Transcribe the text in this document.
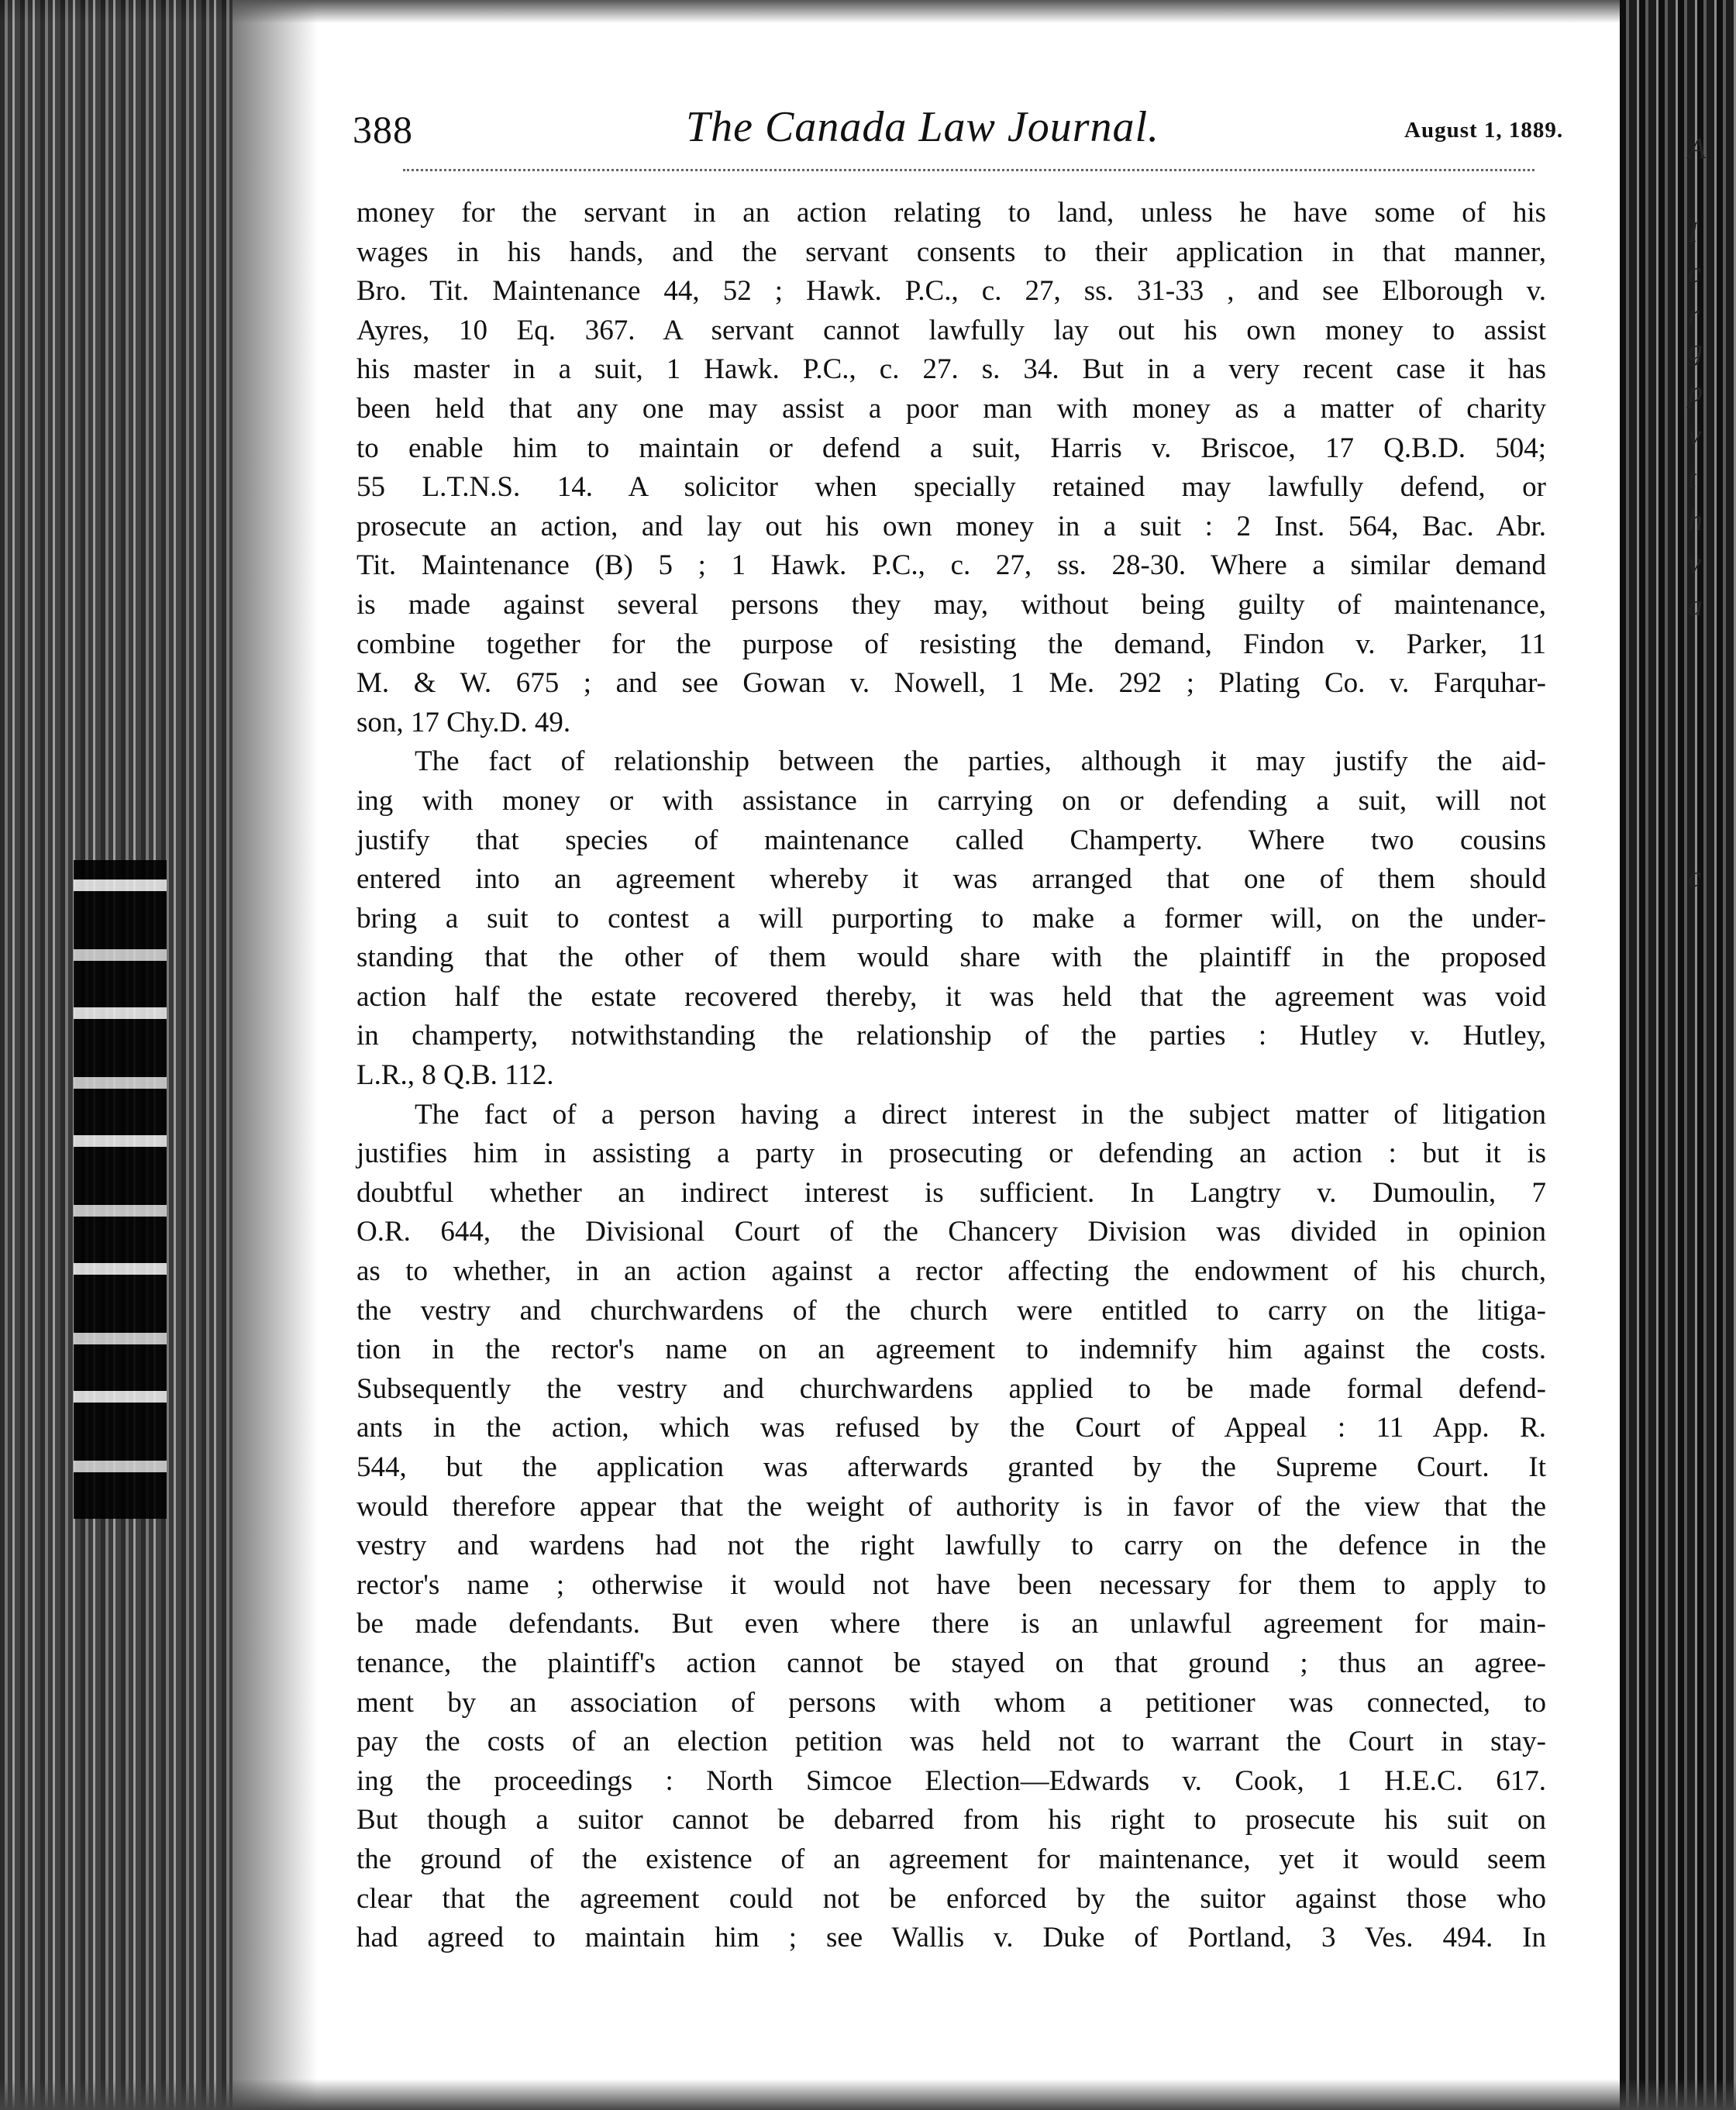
A
I
c
r
g
p
v
t
h
v
a
c
388	The Canada Law Journal.	August 1, 1889.
money for the servant in an action relating to land, unless he have some of his
wages in his hands, and the servant consents to their application in that manner,
Bro. Tit. Maintenance 44, 52 ; Hawk. P.C., c. 27, ss. 31-33 , and see Elborough v.
Ayres, 10 Eq. 367. A servant cannot lawfully lay out his own money to assist
his master in a suit, 1 Hawk. P.C., c. 27. s. 34. But in a very recent case it has
been held that any one may assist a poor man with money as a matter of charity
to enable him to maintain or defend a suit, Harris v. Briscoe, 17 Q.B.D. 504;
55 L.T.N.S. 14. A solicitor when specially retained may lawfully defend, or
prosecute an action, and lay out his own money in a suit : 2 Inst. 564, Bac. Abr.
Tit. Maintenance (B) 5 ; 1 Hawk. P.C., c. 27, ss. 28-30. Where a similar demand
is made against several persons they may, without being guilty of maintenance,
combine together for the purpose of resisting the demand, Findon v. Parker, 11
M. & W. 675 ; and see Gowan v. Nowell, 1 Me. 292 ; Plating Co. v. Farquhar-
son, 17 Chy.D. 49.
The fact of relationship between the parties, although it may justify the aid-
ing with money or with assistance in carrying on or defending a suit, will not
justify that species of maintenance called Champerty. Where two cousins
entered into an agreement whereby it was arranged that one of them should
bring a suit to contest a will purporting to make a former will, on the under-
standing that the other of them would share with the plaintiff in the proposed
action half the estate recovered thereby, it was held that the agreement was void
in champerty, notwithstanding the relationship of the parties : Hutley v. Hutley,
L.R., 8 Q.B. 112.
The fact of a person having a direct interest in the subject matter of litigation
justifies him in assisting a party in prosecuting or defending an action : but it is
doubtful whether an indirect interest is sufficient. In Langtry v. Dumoulin, 7
O.R. 644, the Divisional Court of the Chancery Division was divided in opinion
as to whether, in an action against a rector affecting the endowment of his church,
the vestry and churchwardens of the church were entitled to carry on the litiga-
tion in the rector's name on an agreement to indemnify him against the costs.
Subsequently the vestry and churchwardens applied to be made formal defend-
ants in the action, which was refused by the Court of Appeal : 11 App. R.
544, but the application was afterwards granted by the Supreme Court. It
would therefore appear that the weight of authority is in favor of the view that the
vestry and wardens had not the right lawfully to carry on the defence in the
rector's name ; otherwise it would not have been necessary for them to apply to
be made defendants. But even where there is an unlawful agreement for main-
tenance, the plaintiff's action cannot be stayed on that ground ; thus an agree-
ment by an association of persons with whom a petitioner was connected, to
pay the costs of an election petition was held not to warrant the Court in stay-
ing the proceedings : North Simcoe Election—Edwards v. Cook, 1 H.E.C. 617.
But though a suitor cannot be debarred from his right to prosecute his suit on
the ground of the existence of an agreement for maintenance, yet it would seem
clear that the agreement could not be enforced by the suitor against those who
had agreed to maintain him ; see Wallis v. Duke of Portland, 3 Ves. 494. In
